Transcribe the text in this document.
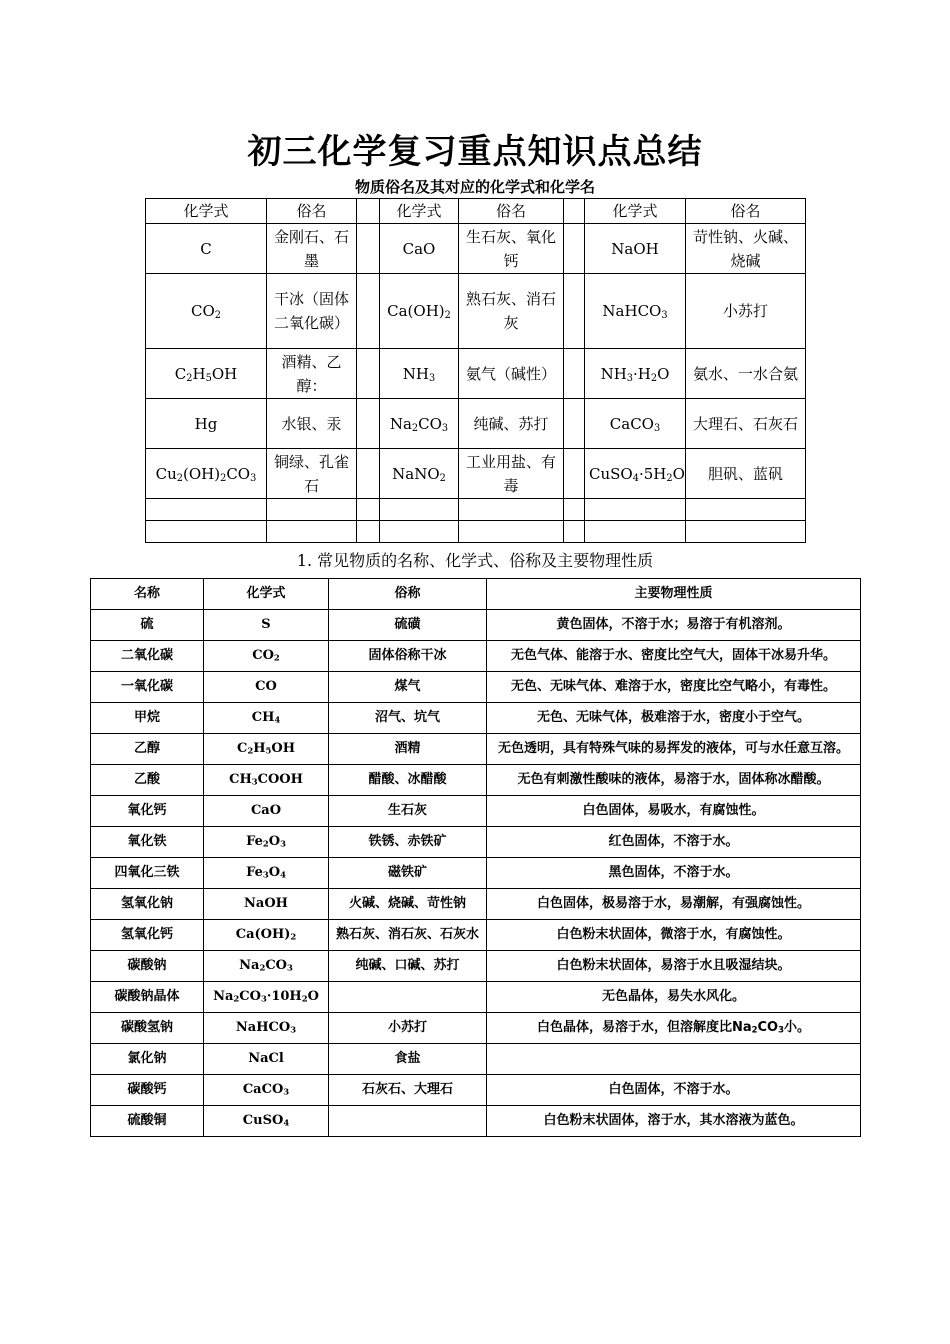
初三化学复习重点知识点总结
物质俗名及其对应的化学式和化学名
化学式	俗名		化学式	俗名		化学式	俗名
C	金刚石、石墨		CaO	生石灰、氧化钙		NaOH	苛性钠、火碱、烧碱
$CO_2$	干冰（固体二氧化碳）		$Ca(OH)_2$	熟石灰、消石灰		NaHCO$_3$	小苏打
$C_2H_5OH$	酒精、乙醇：		$NH_3$	氨气（碱性）		$NH_3\cdot H_2O$	氨水、一水合氨
Hg	水银、汞		$Na_2CO_3$	纯碱、苏打		CaCO$_3$	大理石、石灰石
$Cu_2(OH)_2CO_3$	铜绿、孔雀石		NaNO$_2$	工业用盐、有毒		$CuSO_4\cdot 5H_2O$	胆矾、蓝矾

1. 常见物质的名称、化学式、俗称及主要物理性质
名称	化学式	俗称	主要物理性质
硫	S	硫磺	黄色固体，不溶于水；易溶于有机溶剂。
二氧化碳	$CO_2$	固体俗称干冰	无色气体、能溶于水、密度比空气大，固体干冰易升华。
一氧化碳	CO	煤气	无色、无味气体、难溶于水，密度比空气略小，有毒性。
甲烷	$CH_4$	沼气、坑气	无色、无味气体，极难溶于水，密度小于空气。
乙醇	$C_2H_5OH$	酒精	无色透明，具有特殊气味的易挥发的液体，可与水任意互溶。
乙酸	$CH_3COOH$	醋酸、冰醋酸	无色有刺激性酸味的液体，易溶于水，固体称冰醋酸。
氧化钙	CaO	生石灰	白色固体，易吸水，有腐蚀性。
氧化铁	$Fe_2O_3$	铁锈、赤铁矿	红色固体，不溶于水。
四氧化三铁	$Fe_3O_4$	磁铁矿	黑色固体，不溶于水。
氢氧化钠	NaOH	火碱、烧碱、苛性钠	白色固体，极易溶于水，易潮解，有强腐蚀性。
氢氧化钙	$Ca(OH)_2$	熟石灰、消石灰、石灰水	白色粉末状固体，微溶于水，有腐蚀性。
碳酸钠	$Na_2CO_3$	纯碱、口碱、苏打	白色粉末状固体，易溶于水且吸湿结块。
碳酸钠晶体	$Na_2CO_3\cdot 10H_2O$		无色晶体，易失水风化。
碳酸氢钠	NaHCO$_3$	小苏打	白色晶体，易溶于水，但溶解度比$Na_2CO_3$小。
氯化钠	NaCl	食盐	
碳酸钙	CaCO$_3$	石灰石、大理石	白色固体，不溶于水。
硫酸铜	CuSO$_4$		白色粉末状固体，溶于水，其水溶液为蓝色。
